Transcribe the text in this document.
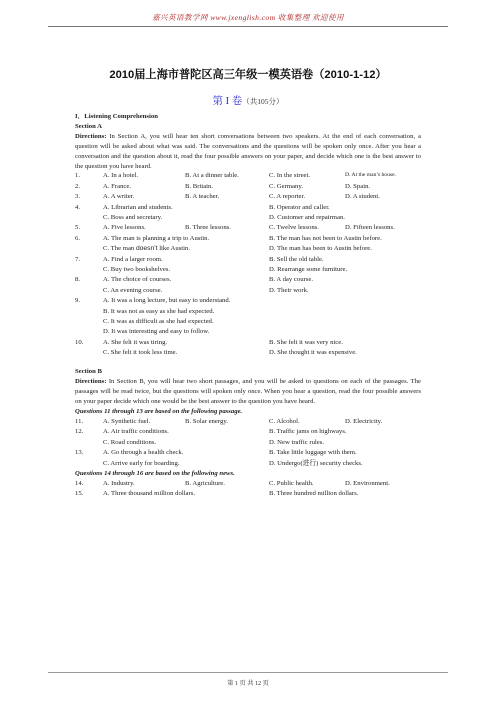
嘉兴英语教学网 www.jxenglish.com 收集整理 欢迎使用
2010届上海市普陀区高三年级一模英语卷（2010-1-12）
第 I 卷（共105分）
I．Listening Comprehension
Section A
Directions: In Section A, you will hear ten short conversations between two speakers. At the end of each conversation, a question will be asked about what was said. The conversations and the questions will be spoken only once. After you hear a conversation and the question about it, read the four possible answers on your paper, and decide which one is the best answer to the question you have heard.
1.	A. In a hotel.	B. At a dinner table.	C. In the street.	D. At the man’s house.
2.	A. France.	B. Britain.	C. Germany.	D. Spain.
3.	A. A writer.	B. A teacher.	C. A reporter.	D. A student.
4.	A. Librarian and students.	B. Operator and caller.
C. Boss and secretary.	D. Customer and repairman.
5.	A. Five lessons.	B. Three lessons.	C. Twelve lessons.	D. Fifteen lessons.
6.	A. The man is planning a trip to Austin.	B. The man has not been to Austin before.
C. The man doesn’t like Austin.	D. The man has been to Austin before.
7.	A. Find a larger room.	B. Sell the old table.
C. Buy two bookshelves.	D. Rearrange some furniture.
8.	A. The choice of courses.	B. A day course.
C. An evening course.	D. Their work.
9.	A. It was a long lecture, but easy to understand.
B. It was not as easy as she had expected.
C. It was as difficult as she had expected.
D. It was interesting and easy to follow.
10.	A. She felt it was tiring.	B. She felt it was very nice.
C. She felt it took less time.	D. She thought it was expensive.
Section B
Directions: In Section B, you will hear two short passages, and you will be asked to questions on each of the passages. The passages will be read twice, but the questions will spoken only once. When you hear a question, read the four possible answers on your paper decide which one would be the best answer to the question you have heard.
Questions 11 through 13 are based on the following passage.
11.	A. Synthetic fuel.	B. Solar energy.	C. Alcohol.	D. Electricity.
12.	A. Air traffic conditions.	B. Traffic jams on highways.
C. Road conditions.	D. New traffic rules.
13.	A. Go through a health check.	B. Take little luggage with them.
C. Arrive early for boarding.	D. Undergo(进行) security checks.
Questions 14 through 16 are based on the following news.
14.	A. Industry.	B. Agriculture.	C. Public health.	D. Environment.
15.	A. Three thousand million dollars.	B. Three hundred million dollars.
第 1 页 共 12 页
